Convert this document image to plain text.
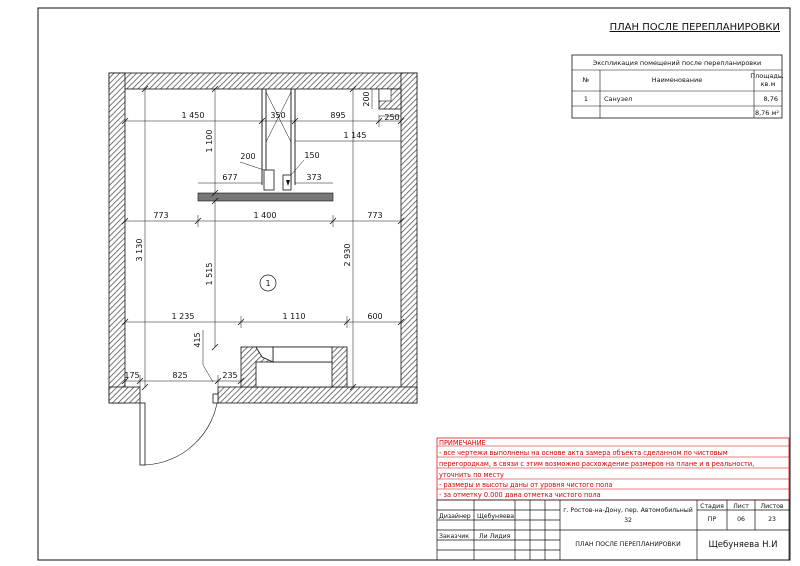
ПЛАН ПОСЛЕ ПЕРЕПЛАНИРОВКИ
Экспликация помещений после перепланировки
№	Наименование	Площадь, кв.м
1 Санузел	8,76
8,76 м²
1 450	350	895
200
250
1 100	1 145
200	150
677	373
773	1 400	773
3 130
1 515
2 930
1 235	1 110	600
415
175	825	235
1
ПРИМЕЧАНИЕ
- все чертежи выполнены на основе акта замера объекта сделанном по чистовым
перегородкам, в связи с этим возможно расхождение размеров на плане и в реальности,
уточнить по месту
- размеры и высоты даны от уровня чистого пола
- за отметку 0.000 дана отметка чистого пола
Дизайнер Щебуняева
Заказчик Ли Лидия
г. Ростов-на-Дону, пер. Автомобильный
32
Стадия Лист Листов
ПР	06	23
ПЛАН ПОСЛЕ ПЕРЕПЛАНИРОВКИ	Щебуняева Н.И
